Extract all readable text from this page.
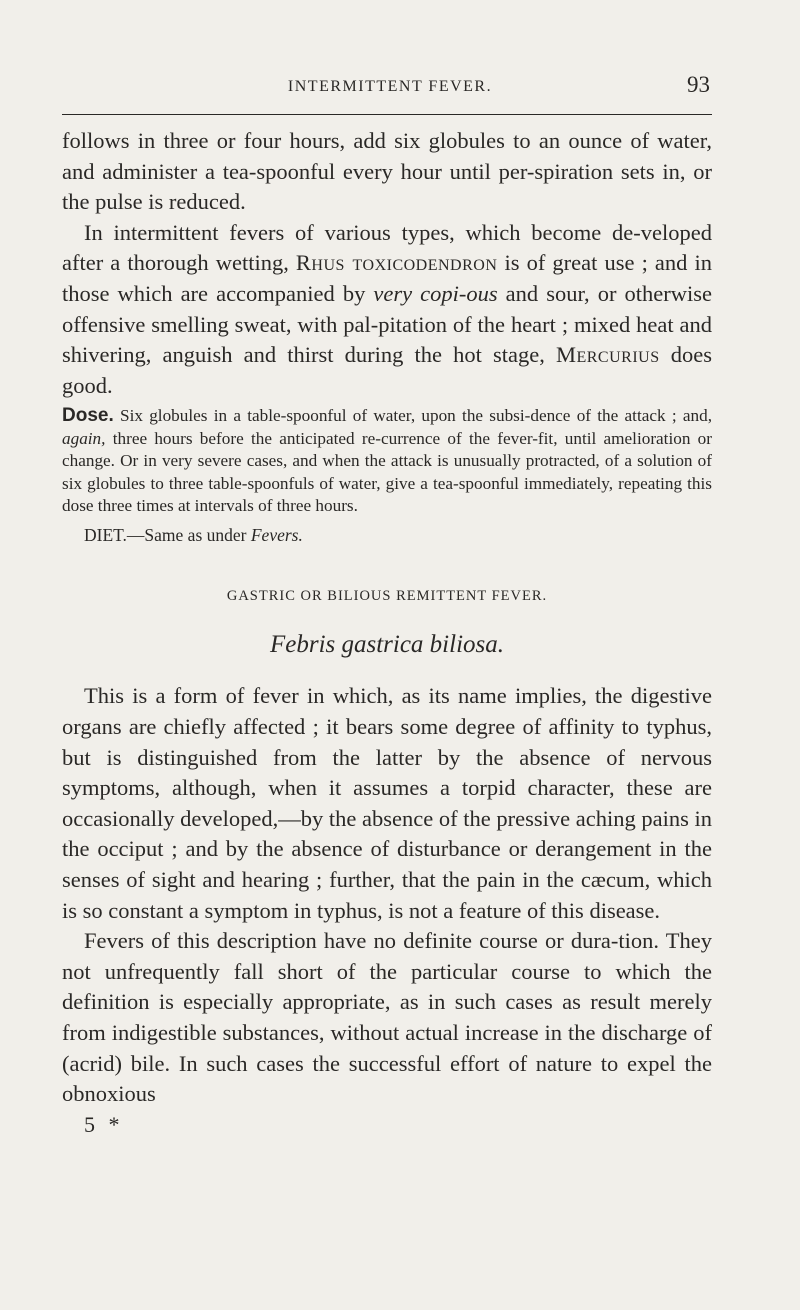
INTERMITTENT FEVER.	93

follows in three or four hours, add six globules to an ounce of water, and administer a tea-spoonful every hour until per-spiration sets in, or the pulse is reduced.

In intermittent fevers of various types, which become de-veloped after a thorough wetting, Rhus toxicodendron is of great use ; and in those which are accompanied by very copi-ous and sour, or otherwise offensive smelling sweat, with pal-pitation of the heart ; mixed heat and shivering, anguish and thirst during the hot stage, Mercurius does good.

Dose. Six globules in a table-spoonful of water, upon the subsi-dence of the attack ; and, again, three hours before the anticipated re-currence of the fever-fit, until amelioration or change. Or in very severe cases, and when the attack is unusually protracted, of a solution of six globules to three table-spoonfuls of water, give a tea-spoonful immediately, repeating this dose three times at intervals of three hours.

DIET.—Same as under Fevers.

GASTRIC OR BILIOUS REMITTENT FEVER.
Febris gastrica biliosa.

This is a form of fever in which, as its name implies, the digestive organs are chiefly affected ; it bears some degree of affinity to typhus, but is distinguished from the latter by the absence of nervous symptoms, although, when it assumes a torpid character, these are occasionally developed,—by the absence of the pressive aching pains in the occiput ; and by the absence of disturbance or derangement in the senses of sight and hearing ; further, that the pain in the cæcum, which is so constant a symptom in typhus, is not a feature of this disease.

Fevers of this description have no definite course or dura-tion. They not unfrequently fall short of the particular course to which the definition is especially appropriate, as in such cases as result merely from indigestible substances, without actual increase in the discharge of (acrid) bile. In such cases the successful effort of nature to expel the obnoxious

5 *
